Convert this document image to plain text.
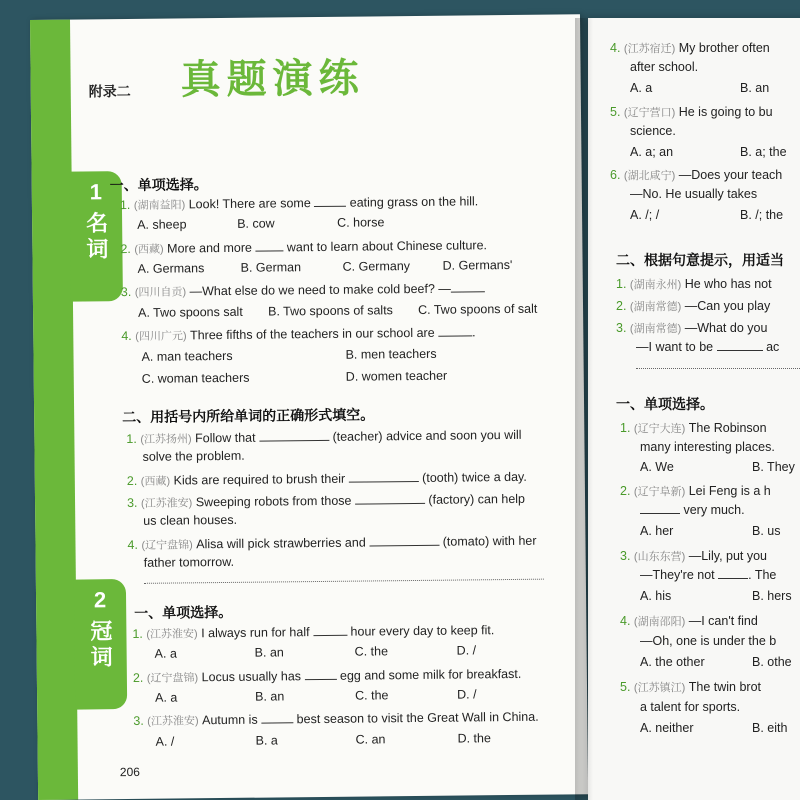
1
名词
2
冠词
附录二 真题演练
一、单项选择。
1. (湖南益阳) Look! There are some	eating grass on the hill.
A. sheep	B. cow	C. horse
2. (西藏) More and more	want to learn about Chinese culture.
A. Germans	B. German	C. Germany	D. Germans'
3. (四川自贡) —What else do we need to make cold beef? —
A. Two spoons salt B. Two spoons of salts C. Two spoons of salt
4. (四川广元) Three fifths of the teachers in our school are	.
A. man teachers	B. men teachers
C. woman teachers	D. women teacher
二、用括号内所给单词的正确形式填空。
1. (江苏扬州) Follow that	(teacher) advice and soon you will
solve the problem.
2. (西藏) Kids are required to brush their	(tooth) twice a day.
3. (江苏淮安) Sweeping robots from those	(factory) can help
us clean houses.
4. (辽宁盘锦) Alisa will pick strawberries and	(tomato) with her
father tomorrow.
一、单项选择。
1. (江苏淮安) I always run for half	hour every day to keep fit.
A. a	B. an	C. the	D. /
2. (辽宁盘锦) Locus usually has	egg and some milk for breakfast.
A. a	B. an	C. the	D. /
3. (江苏淮安) Autumn is	best season to visit the Great Wall in China.
A. /	B. a	C. an	D. the
206
4. (江苏宿迁) My brother often
after school.
A. a	B. an
5. (辽宁营口) He is going to bu
science.
A. a; an	B. a; the
6. (湖北咸宁) —Does your teach
—No. He usually takes
A. /; /	B. /; the
二、根据句意提示，用适当
1. (湖南永州) He who has not
2. (湖南常德) —Can you play
3. (湖南常德) —What do you
—I want to be	ac
一、单项选择。
1. (辽宁大连) The Robinson
many interesting places.
A. We	B. They
2. (辽宁阜新) Lei Feng is a h
very much.
A. her	B. us
3. (山东东营) —Lily, put you
—They're not	. The
A. his	B. hers
4. (湖南邵阳) —I can't find
—Oh, one is under the b
A. the other	B. othe
5. (江苏镇江) The twin brot
a talent for sports.
A. neither	B. eith
